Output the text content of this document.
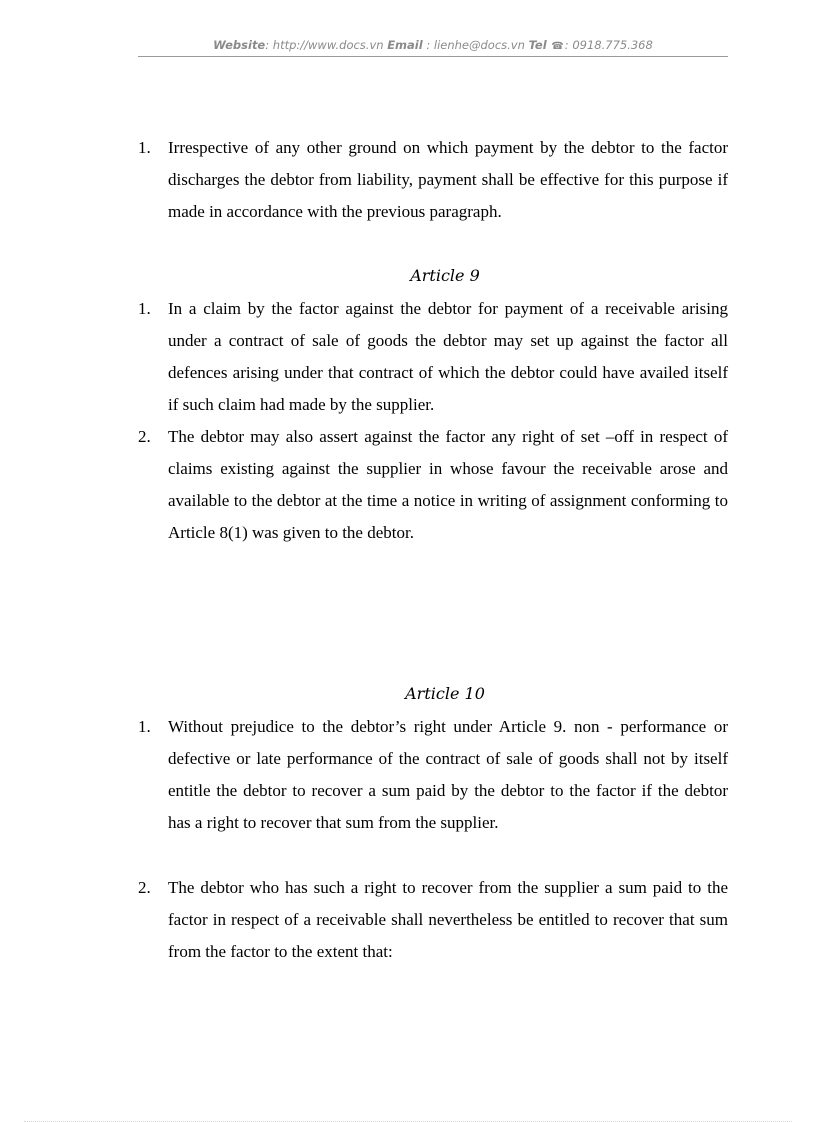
Website: http://www.docs.vn Email : lienhe@docs.vn Tel ☎: 0918.775.368
1. Irrespective of any other ground on which payment by the debtor to the factor discharges the debtor from liability, payment shall be effective for this purpose if made in accordance with the previous paragraph.
Article 9
1. In a claim by the factor against the debtor for payment of a receivable arising under a contract of sale of goods the debtor may set up against the factor all defences arising under that contract of which the debtor could have availed itself if such claim had made by the supplier.
2. The debtor may also assert against the factor any right of set –off in respect of claims existing against the supplier in whose favour the receivable arose and available to the debtor at the time a notice in writing of assignment conforming to Article 8(1) was given to the debtor.
Article 10
1. Without prejudice to the debtor’s right under Article 9. non - performance or defective or late performance of the contract of sale of goods shall not by itself entitle the debtor to recover a sum paid by the debtor to the factor if the debtor has a right to recover that sum from the supplier.
2. The debtor who has such a right to recover from the supplier a sum paid to the factor in respect of a receivable shall nevertheless be entitled to recover that sum from the factor to the extent that:
